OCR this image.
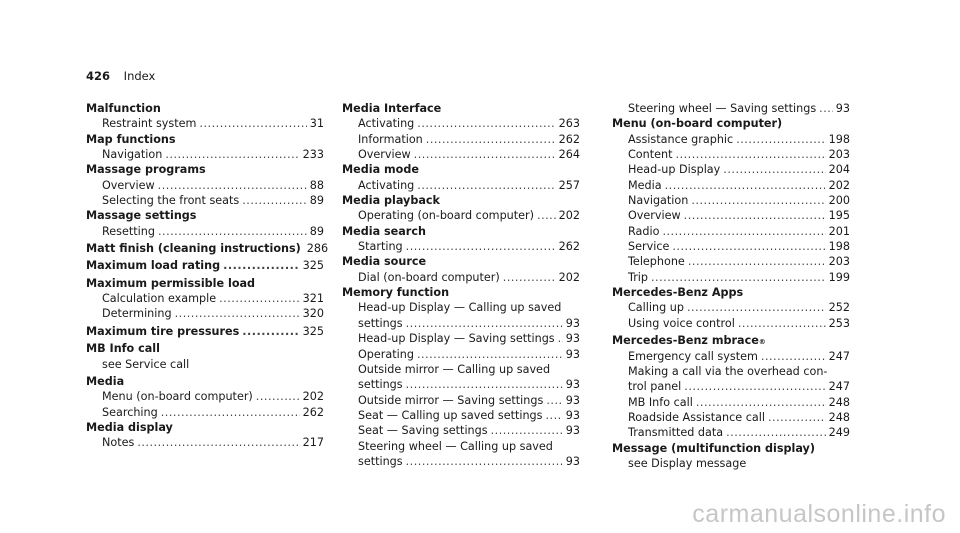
426 Index
Malfunction
Restraint system .....	31
Map functions
Navigation .....	233
Massage programs
Overview .....	88
Selecting the front seats .....	89
Massage settings
Resetting .....	89
Matt finish (cleaning instructions) 286
Maximum load rating .....	325
Maximum permissible load
Calculation example .....	321
Determining .....	320
Maximum tire pressures .....	325
MB Info call
see Service call
Media
Menu (on-board computer) .....	202
Searching .....	262
Media display
Notes .....	217
Media Interface
Activating .....	263
Information .....	262
Overview .....	264
Media mode
Activating .....	257
Media playback
Operating (on-board computer) ..... 202
Media search
Starting .....	262
Media source
Dial (on-board computer) .....	202
Memory function
Head-up Display — Calling up saved
settings .....	93
Head-up Display — Saving settings ..... 93
Operating .....	93
Outside mirror — Calling up saved
settings .....	93
Outside mirror — Saving settings ..... 93
Seat — Calling up saved settings ..... 93
Seat — Saving settings .....	93
Steering wheel — Calling up saved
settings .....	93
Steering wheel — Saving settings ..... 93
Menu (on-board computer)
Assistance graphic .....	198
Content .....	203
Head-up Display .....	204
Media .....	202
Navigation .....	200
Overview .....	195
Radio .....	201
Service .....	198
Telephone .....	203
Trip .....	199
Mercedes-Benz Apps
Calling up .....	252
Using voice control .....	253
Mercedes-Benz mbrace ®
Emergency call system .....	247
Making a call via the overhead con-
trol panel .....	247
MB Info call .....	248
Roadside Assistance call .....	248
Transmitted data .....	249
Message (multifunction display)
see Display message
carmanualsonline.info
